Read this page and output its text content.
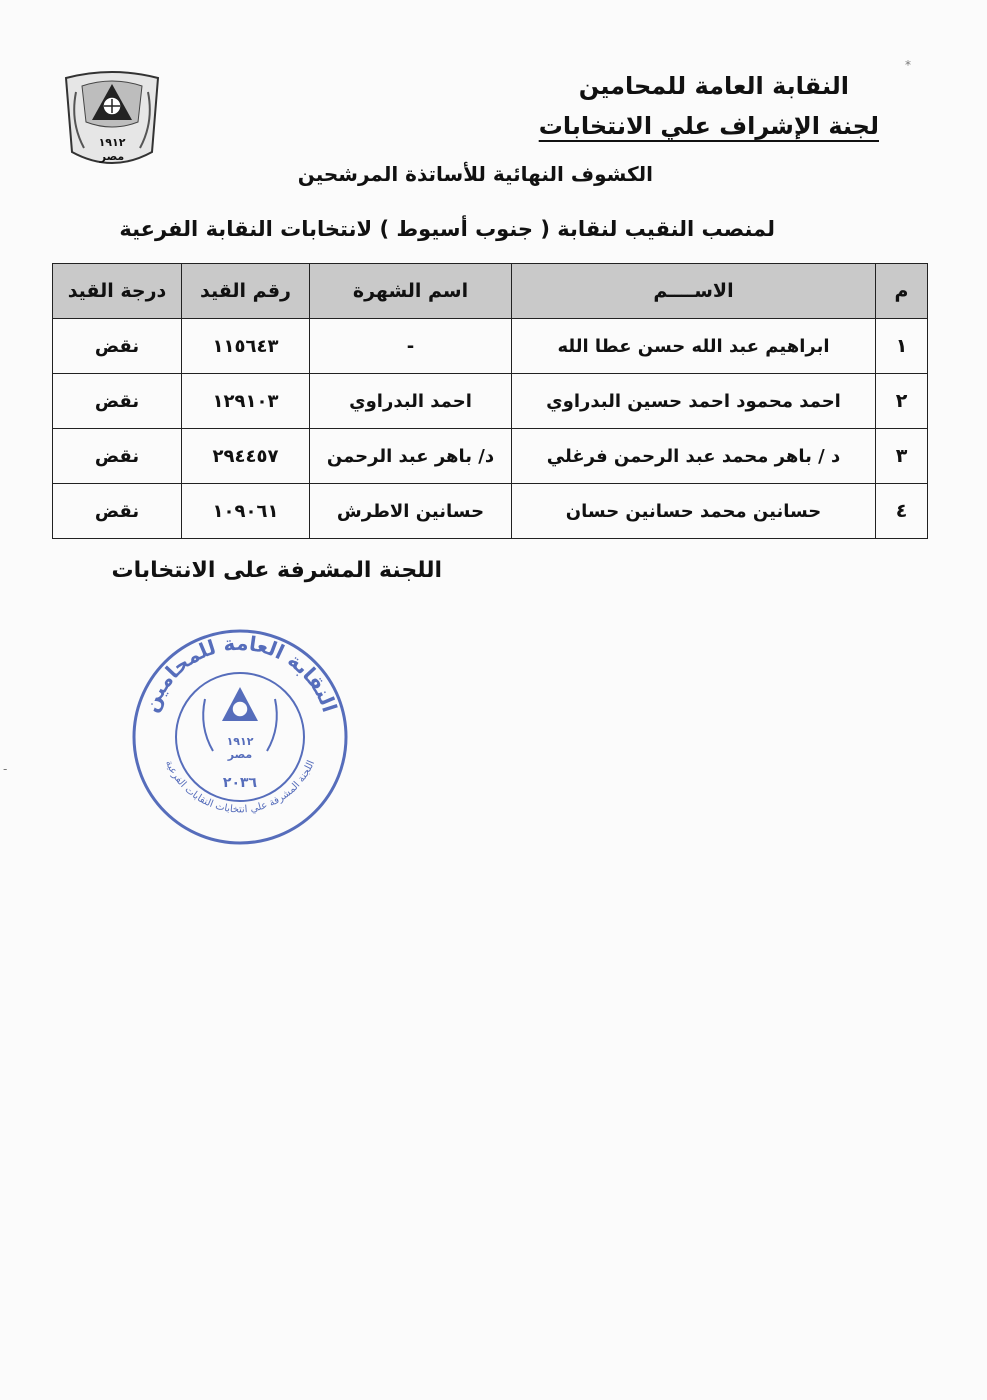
١٩١٢
مصر
النقابة العامة للمحامين
لجنة الإشراف علي الانتخابات
الكشوف النهائية للأساتذة المرشحين
لمنصب النقيب لنقابة ( جنوب أسيوط ) لانتخابات النقابة الفرعية
م	الاســــم	اسم الشهرة	رقم القيد	درجة القيد
١	ابراهيم عبد الله حسن عطا الله	-	١١٥٦٤٣	نقض
٢	احمد محمود احمد حسين البدراوي	احمد البدراوي	١٢٩١٠٣	نقض
٣	د / باهر محمد عبد الرحمن فرغلي	د/ باهر عبد الرحمن	٢٩٤٤٥٧	نقض
٤	حسانين محمد حسانين حسان	حسانين الاطرش	١٠٩٠٦١	نقض
اللجنة المشرفة على الانتخابات
النقابة العامة للمحامين
اللجنة المشرفة علي انتخابات النقابات الفرعية
١٩١٢
مصر
٢٠٣٦
*
-
